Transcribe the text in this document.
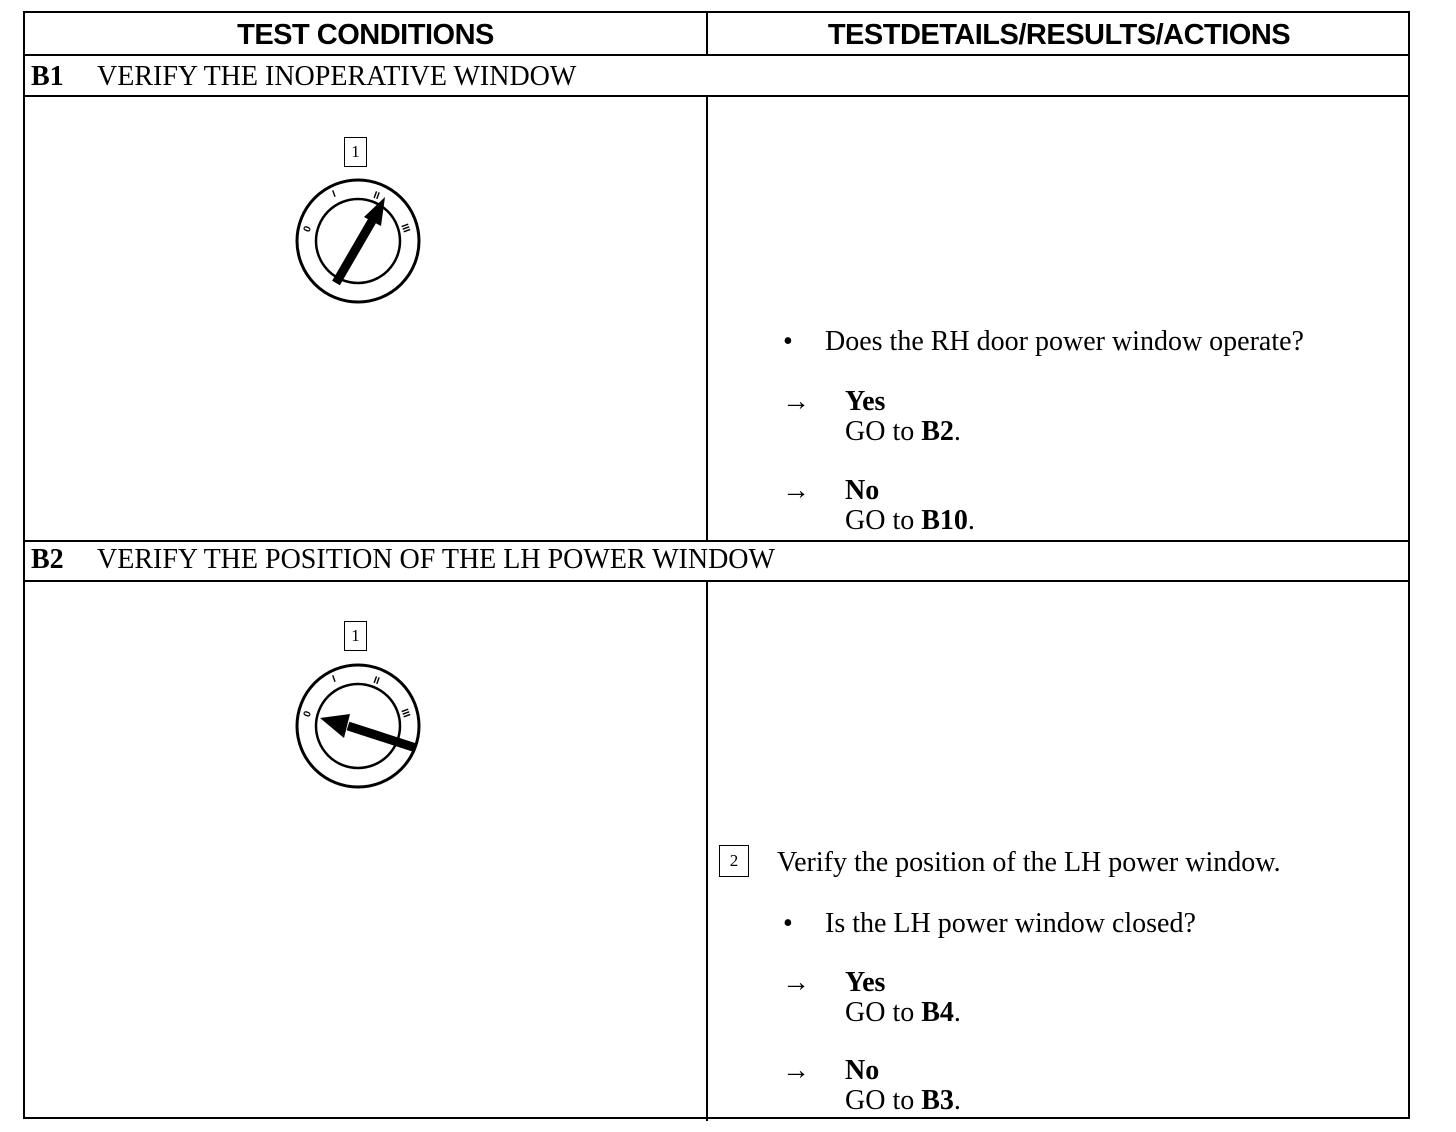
TEST CONDITIONS	TESTDETAILS/RESULTS/ACTIONS
B1 VERIFY THE INOPERATIVE WINDOW
1
0
I	II
III
• Does the RH door power window operate?
→ Yes
GO to B2.
→ No
GO to B10.
B2 VERIFY THE POSITION OF THE LH POWER WINDOW
1
0
I	II
III
2	Verify the position of the LH power window.
• Is the LH power window closed?
→ Yes
GO to B4.
→ No
GO to B3.
